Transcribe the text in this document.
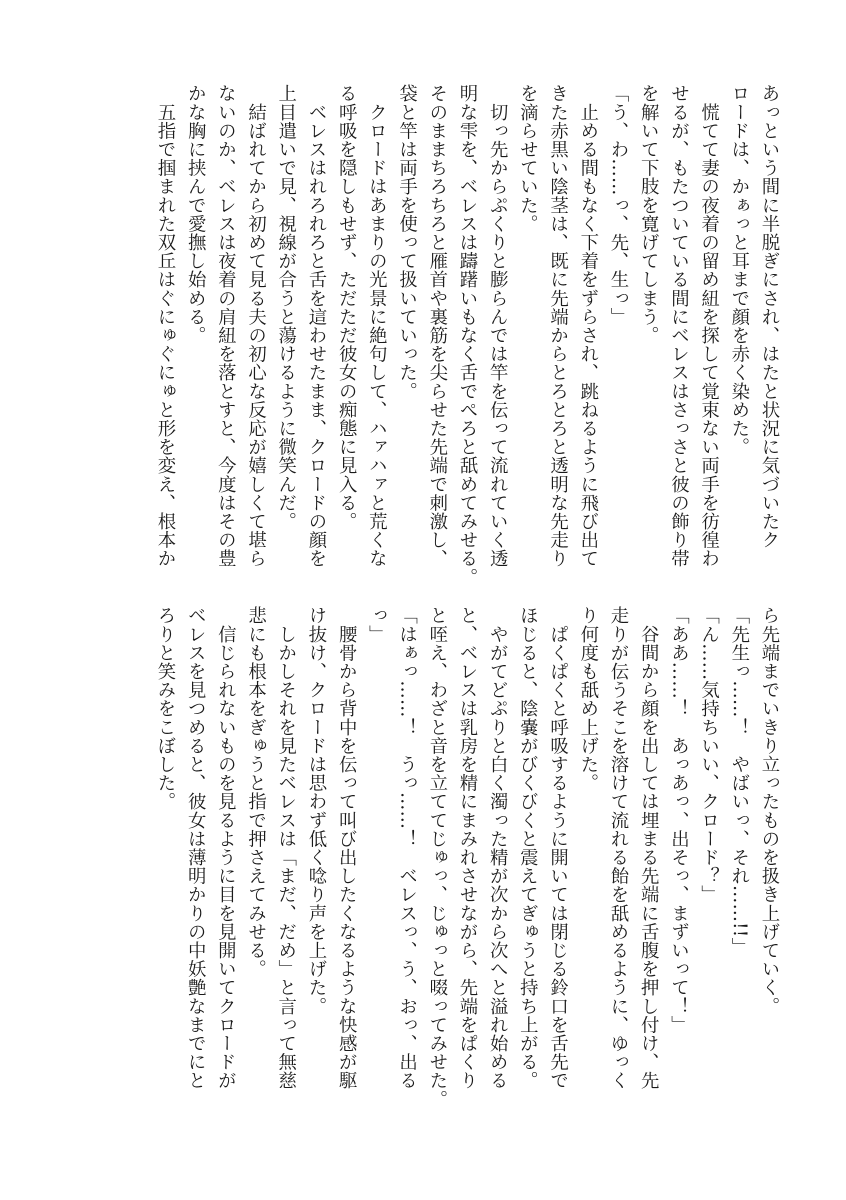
あっという間に半脱ぎにされ、はたと状況に気づいたク
ロードは、かぁっと耳まで顔を赤く染めた。
　慌てて妻の夜着の留め紐を探して覚束ない両手を彷徨わ
せるが、もたついている間にベレスはさっさと彼の飾り帯
を解いて下肢を寛げてしまう。
「う、わ……っ、先、生っ」
　止める間もなく下着をずらされ、跳ねるように飛び出て
きた赤黒い陰茎は、既に先端からとろとろと透明な先走り
を滴らせていた。
　切っ先からぷくりと膨らんでは竿を伝って流れていく透
明な雫を、ベレスは躊躇いもなく舌でぺろと舐めてみせる。
そのままちろちろと雁首や裏筋を尖らせた先端で刺激し、
袋と竿は両手を使って扱いていった。
　クロードはあまりの光景に絶句して、ハァハァと荒くな
る呼吸を隠しもせず、ただただ彼女の痴態に見入る。
　ベレスはれろれろと舌を這わせたまま、クロードの顔を
上目遣いで見、視線が合うと蕩けるように微笑んだ。
　結ばれてから初めて見る夫の初心な反応が嬉しくて堪ら
ないのか、ベレスは夜着の肩紐を落とすと、今度はその豊
かな胸に挟んで愛撫し始める。
　五指で掴まれた双丘はぐにゅぐにゅと形を変え、根本か
ら先端までいきり立ったものを扱き上げていく。
「先生っ……！　やばいっ、それ……!!」
「ん……気持ちいい、クロード？」
「ああ……！　あっあっ、出そっ、まずいって！」
　谷間から顔を出しては埋まる先端に舌腹を押し付け、先
走りが伝うそこを溶けて流れる飴を舐めるように、ゆっく
り何度も舐め上げた。
　ぱくぱくと呼吸するように開いては閉じる鈴口を舌先で
ほじると、陰嚢がびくびくと震えてぎゅうと持ち上がる。
　やがてどぷりと白く濁った精が次から次へと溢れ始める
と、ベレスは乳房を精にまみれさせながら、先端をぱくり
と咥え、わざと音を立ててじゅっ、じゅっと啜ってみせた。
「はぁっ……！　うっ……！　ベレスっ、う、おっ、出る
っ」
　腰骨から背中を伝って叫び出したくなるような快感が駆
け抜け、クロードは思わず低く唸り声を上げた。
　しかしそれを見たベレスは「まだ、だめ」と言って無慈
悲にも根本をぎゅうと指で押さえてみせる。
　信じられないものを見るように目を見開いてクロードが
ベレスを見つめると、彼女は薄明かりの中妖艶なまでにと
ろりと笑みをこぼした。
